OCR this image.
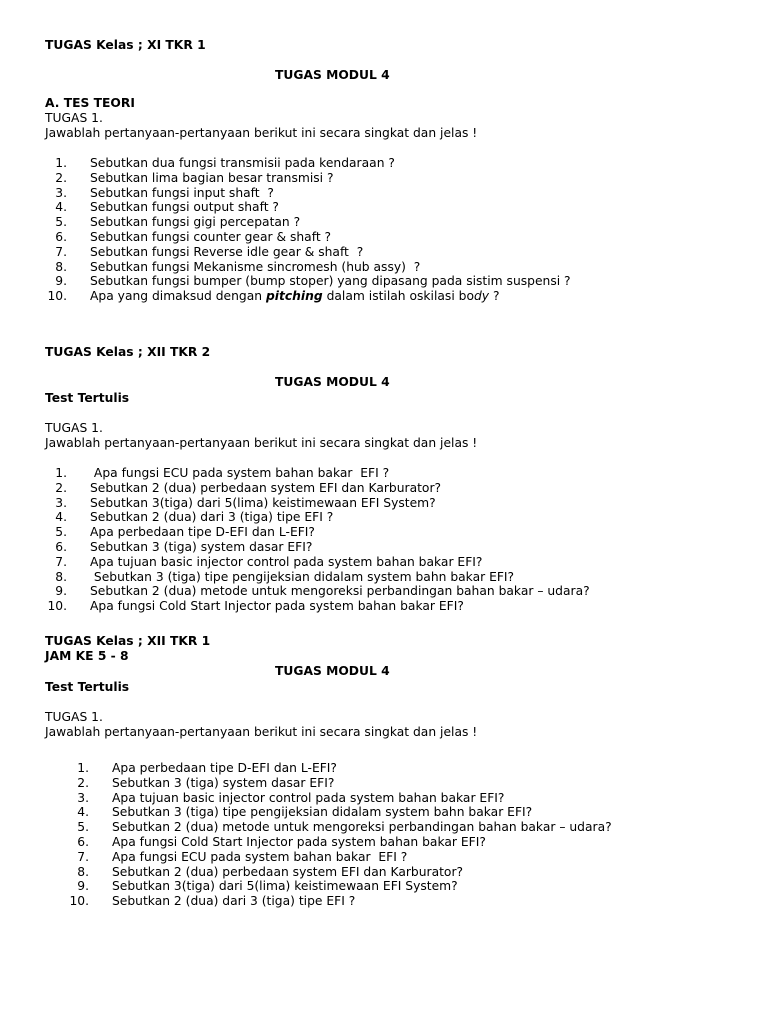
TUGAS Kelas ; XI TKR 1
TUGAS MODUL 4
A. TES TEORI
TUGAS 1.
Jawablah pertanyaan-pertanyaan berikut ini secara singkat dan jelas !
1. Sebutkan dua fungsi transmisii pada kendaraan ?
2. Sebutkan lima bagian besar transmisi ?
3. Sebutkan fungsi input shaft  ?
4. Sebutkan fungsi output shaft ?
5. Sebutkan fungsi gigi percepatan ?
6. Sebutkan fungsi counter gear & shaft ?
7. Sebutkan fungsi Reverse idle gear & shaft  ?
8. Sebutkan fungsi Mekanisme sincromesh (hub assy)  ?
9. Sebutkan fungsi bumper (bump stoper) yang dipasang pada sistim suspensi ?
10. Apa yang dimaksud dengan pitching dalam istilah oskilasi body ?
TUGAS Kelas ; XII TKR 2
TUGAS MODUL 4
Test Tertulis
TUGAS 1.
Jawablah pertanyaan-pertanyaan berikut ini secara singkat dan jelas !
1. Apa fungsi ECU pada system bahan bakar  EFI ?
2. Sebutkan 2 (dua) perbedaan system EFI dan Karburator?
3. Sebutkan 3(tiga) dari 5(lima) keistimewaan EFI System?
4. Sebutkan 2 (dua) dari 3 (tiga) tipe EFI ?
5. Apa perbedaan tipe D-EFI dan L-EFI?
6. Sebutkan 3 (tiga) system dasar EFI?
7. Apa tujuan basic injector control pada system bahan bakar EFI?
8. Sebutkan 3 (tiga) tipe pengijeksian didalam system bahn bakar EFI?
9. Sebutkan 2 (dua) metode untuk mengoreksi perbandingan bahan bakar – udara?
10. Apa fungsi Cold Start Injector pada system bahan bakar EFI?
TUGAS Kelas ; XII TKR 1
JAM KE 5 - 8
TUGAS MODUL 4
Test Tertulis
TUGAS 1.
Jawablah pertanyaan-pertanyaan berikut ini secara singkat dan jelas !
1. Apa perbedaan tipe D-EFI dan L-EFI?
2. Sebutkan 3 (tiga) system dasar EFI?
3. Apa tujuan basic injector control pada system bahan bakar EFI?
4. Sebutkan 3 (tiga) tipe pengijeksian didalam system bahn bakar EFI?
5. Sebutkan 2 (dua) metode untuk mengoreksi perbandingan bahan bakar – udara?
6. Apa fungsi Cold Start Injector pada system bahan bakar EFI?
7. Apa fungsi ECU pada system bahan bakar  EFI ?
8. Sebutkan 2 (dua) perbedaan system EFI dan Karburator?
9. Sebutkan 3(tiga) dari 5(lima) keistimewaan EFI System?
10. Sebutkan 2 (dua) dari 3 (tiga) tipe EFI ?
